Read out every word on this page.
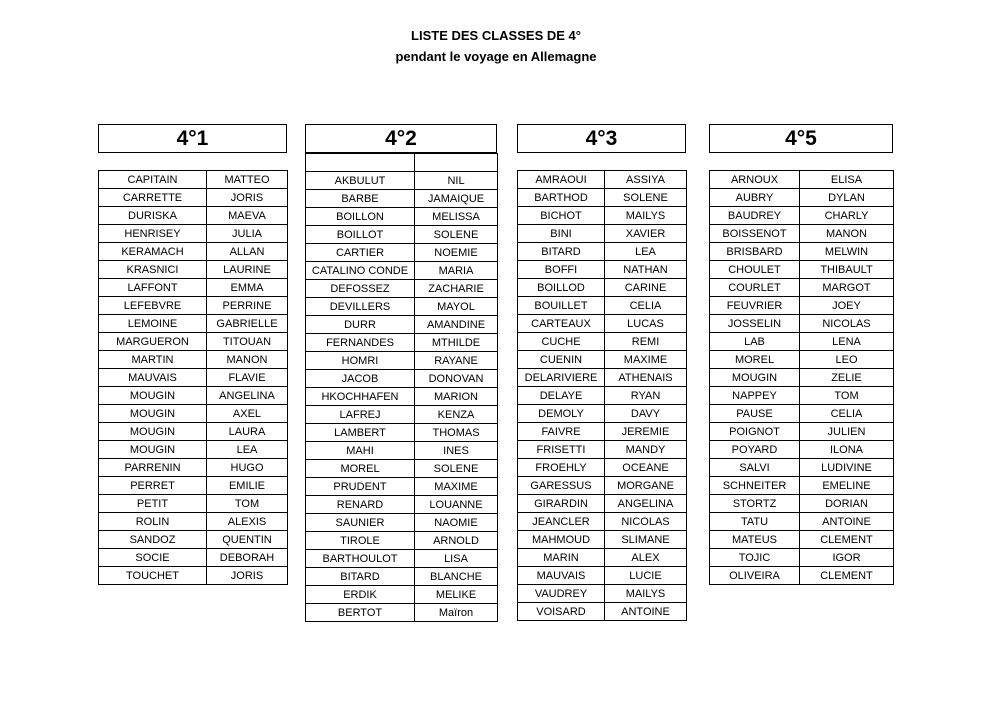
LISTE DES CLASSES DE 4°
pendant le voyage en Allemagne
4°1
CAPITAIN	MATTEO
CARRETTE	JORIS
DURISKA	MAEVA
HENRISEY	JULIA
KERAMACH	ALLAN
KRASNICI	LAURINE
LAFFONT	EMMA
LEFEBVRE	PERRINE
LEMOINE	GABRIELLE
MARGUERON	TITOUAN
MARTIN	MANON
MAUVAIS	FLAVIE
MOUGIN	ANGELINA
MOUGIN	AXEL
MOUGIN	LAURA
MOUGIN	LEA
PARRENIN	HUGO
PERRET	EMILIE
PETIT	TOM
ROLIN	ALEXIS
SANDOZ	QUENTIN
SOCIE	DEBORAH
TOUCHET	JORIS
4°2

AKBULUT	NIL
BARBE	JAMAIQUE
BOILLON	MELISSA
BOILLOT	SOLENE
CARTIER	NOEMIE
CATALINO CONDE	MARIA
DEFOSSEZ	ZACHARIE
DEVILLERS	MAYOL
DURR	AMANDINE
FERNANDES	MTHILDE
HOMRI	RAYANE
JACOB	DONOVAN
HKOCHHAFEN	MARION
LAFREJ	KENZA
LAMBERT	THOMAS
MAHI	INES
MOREL	SOLENE
PRUDENT	MAXIME
RENARD	LOUANNE
SAUNIER	NAOMIE
TIROLE	ARNOLD
BARTHOULOT	LISA
BITARD	BLANCHE
ERDIK	MELIKE
BERTOT	Maïron
4°3
AMRAOUI	ASSIYA
BARTHOD	SOLENE
BICHOT	MAILYS
BINI	XAVIER
BITARD	LEA
BOFFI	NATHAN
BOILLOD	CARINE
BOUILLET	CELIA
CARTEAUX	LUCAS
CUCHE	REMI
CUENIN	MAXIME
DELARIVIERE	ATHENAIS
DELAYE	RYAN
DEMOLY	DAVY
FAIVRE	JEREMIE
FRISETTI	MANDY
FROEHLY	OCEANE
GARESSUS	MORGANE
GIRARDIN	ANGELINA
JEANCLER	NICOLAS
MAHMOUD	SLIMANE
MARIN	ALEX
MAUVAIS	LUCIE
VAUDREY	MAILYS
VOISARD	ANTOINE
4°5
ARNOUX	ELISA
AUBRY	DYLAN
BAUDREY	CHARLY
BOISSENOT	MANON
BRISBARD	MELWIN
CHOULET	THIBAULT
COURLET	MARGOT
FEUVRIER	JOEY
JOSSELIN	NICOLAS
LAB	LENA
MOREL	LEO
MOUGIN	ZELIE
NAPPEY	TOM
PAUSE	CELIA
POIGNOT	JULIEN
POYARD	ILONA
SALVI	LUDIVINE
SCHNEITER	EMELINE
STORTZ	DORIAN
TATU	ANTOINE
MATEUS	CLEMENT
TOJIC	IGOR
OLIVEIRA	CLEMENT
